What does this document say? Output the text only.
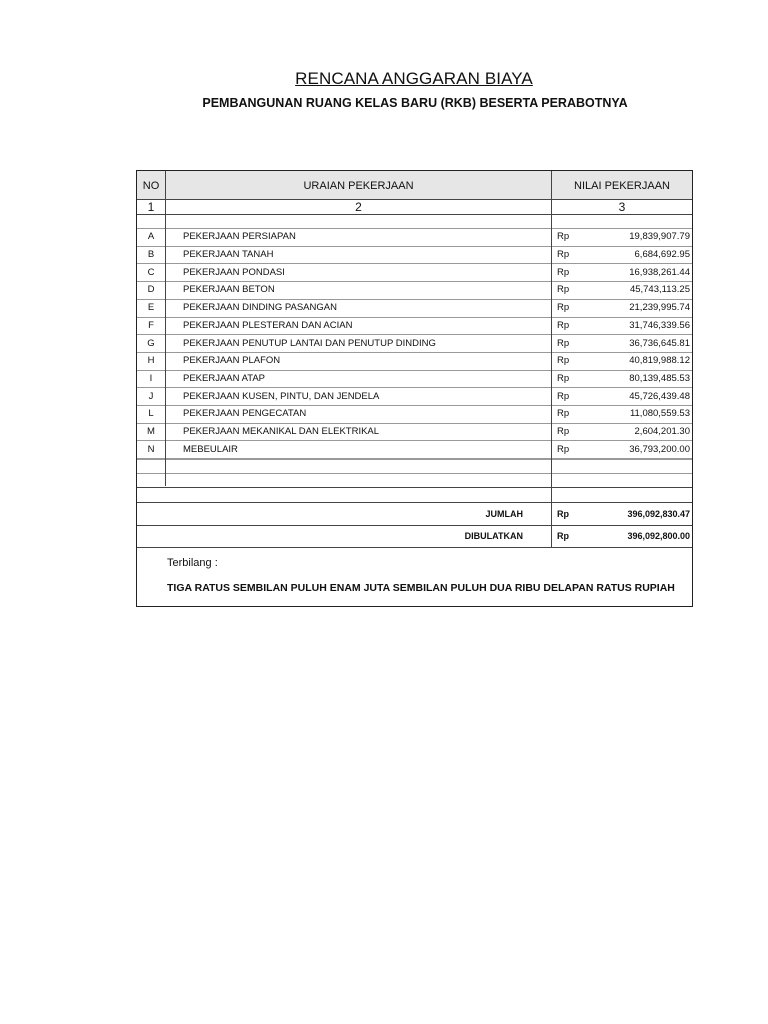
RENCANA ANGGARAN BIAYA
PEMBANGUNAN RUANG KELAS BARU (RKB) BESERTA PERABOTNYA
NO	URAIAN PEKERJAAN	NILAI PEKERJAAN
1	2	3
A	PEKERJAAN PERSIAPAN	Rp	19,839,907.79
B	PEKERJAAN TANAH	Rp	6,684,692.95
C	PEKERJAAN PONDASI	Rp	16,938,261.44
D	PEKERJAAN BETON	Rp	45,743,113.25
E	PEKERJAAN DINDING PASANGAN	Rp	21,239,995.74
F	PEKERJAAN PLESTERAN DAN ACIAN	Rp	31,746,339.56
G	PEKERJAAN PENUTUP LANTAI DAN PENUTUP DINDING	Rp	36,736,645.81
H	PEKERJAAN PLAFON	Rp	40,819,988.12
I	PEKERJAAN ATAP	Rp	80,139,485.53
J	PEKERJAAN KUSEN, PINTU, DAN JENDELA	Rp	45,726,439.48
L	PEKERJAAN PENGECATAN	Rp	11,080,559.53
M	PEKERJAAN MEKANIKAL DAN ELEKTRIKAL	Rp	2,604,201.30
N	MEBEULAIR	Rp	36,793,200.00
JUMLAH	Rp	396,092,830.47
DIBULATKAN	Rp	396,092,800.00
Terbilang :
TIGA RATUS SEMBILAN PULUH ENAM JUTA SEMBILAN PULUH DUA RIBU DELAPAN RATUS RUPIAH
